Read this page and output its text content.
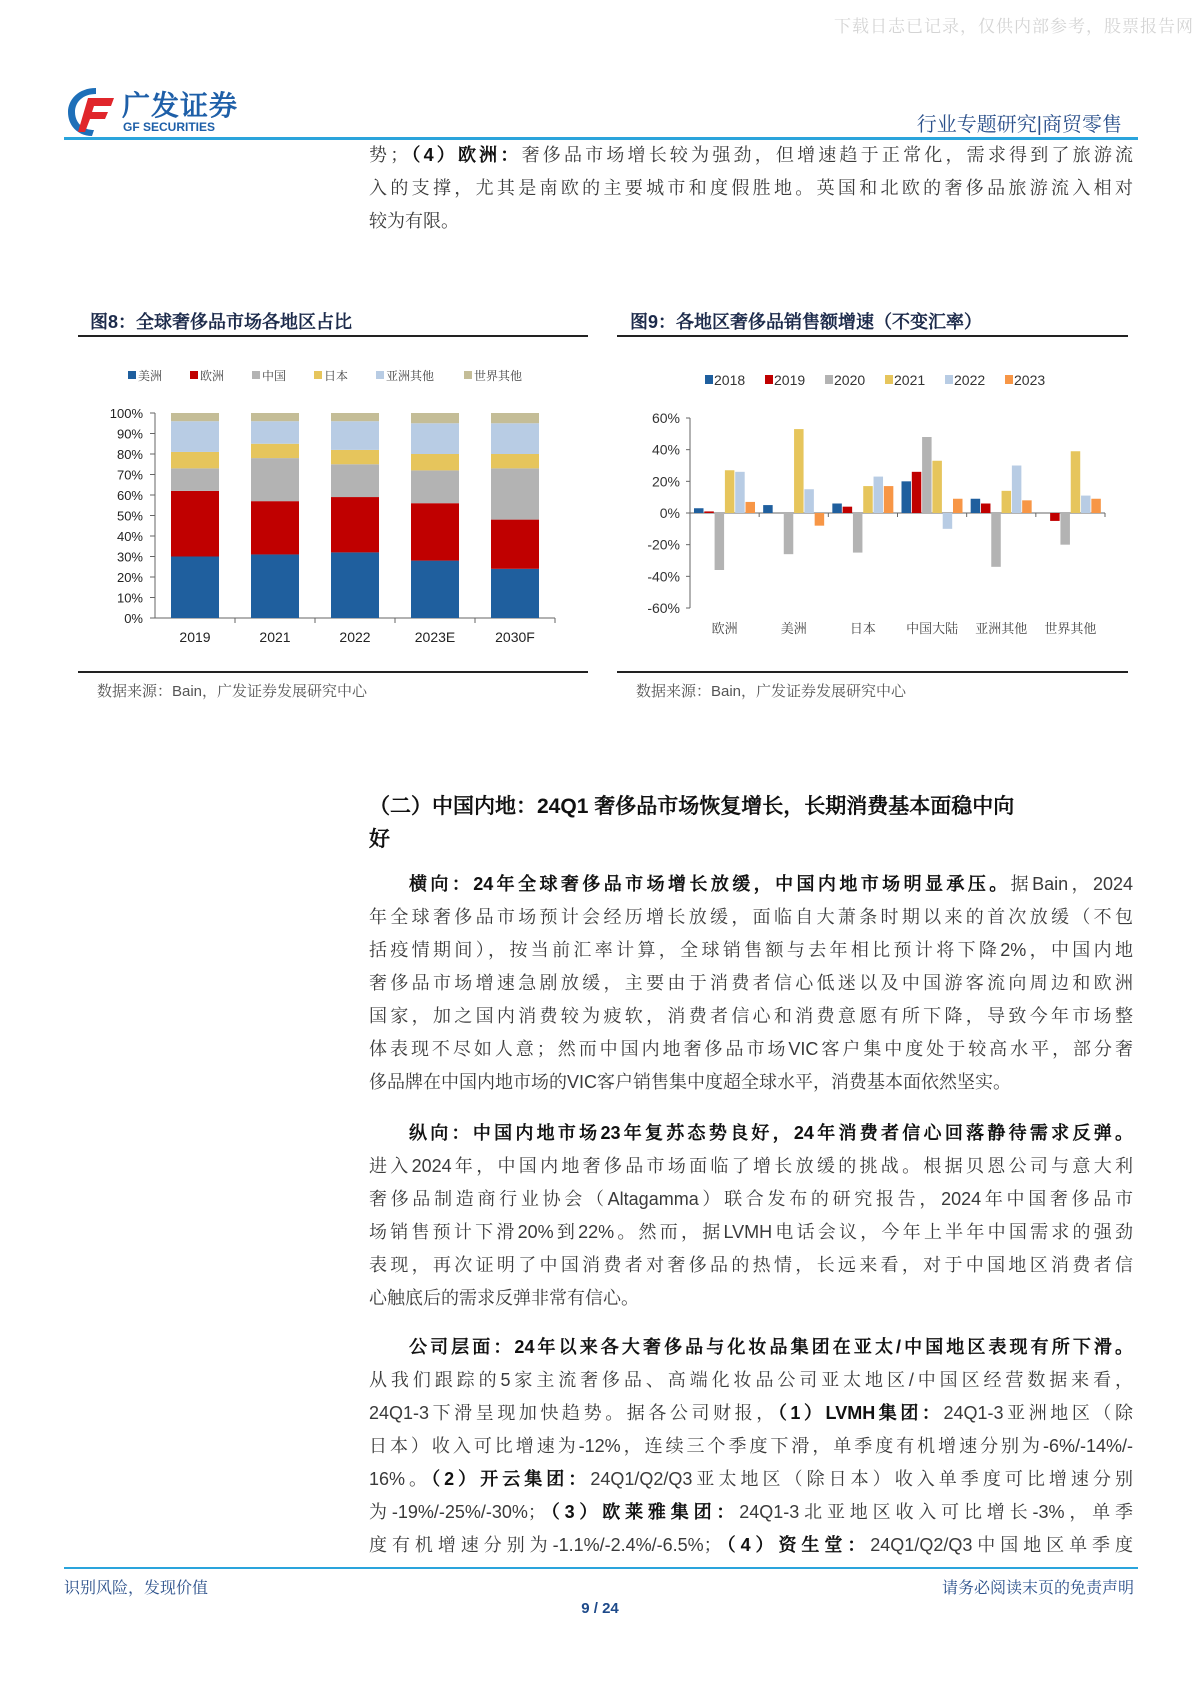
下载日志已记录，仅供内部参考，股票报告网
广发证券
GF SECURITIES	行业专题研究|商贸零售
势；（4）欧洲：奢侈品市场增长较为强劲，但增速趋于正常化，需求得到了旅游流
入的支撑，尤其是南欧的主要城市和度假胜地。英国和北欧的奢侈品旅游流入相对
较为有限。
图8：全球奢侈品市场各地区占比
美洲	欧洲	中国	日本	亚洲其他	世界其他
0%
10%
20%
30%
40%
50%
60%
70%
80%
90%
100%
2019	2021	2022	2023E	2030F
数据来源：Bain，广发证券发展研究中心
图9：各地区奢侈品销售额增速（不变汇率）
2018 2019 2020 2021 2022 2023
-60%
-40%
-20%
0%
20%
40%
60%
欧洲	美洲	日本 中国大陆 亚洲其他 世界其他
数据来源：Bain，广发证券发展研究中心
（二）中国内地：24Q1 奢侈品市场恢复增长，长期消费基本面稳中向
好
横向：24年全球奢侈品市场增长放缓，中国内地市场明显承压。据Bain，2024
年全球奢侈品市场预计会经历增长放缓，面临自大萧条时期以来的首次放缓（不包
括疫情期间），按当前汇率计算，全球销售额与去年相比预计将下降2%，中国内地
奢侈品市场增速急剧放缓，主要由于消费者信心低迷以及中国游客流向周边和欧洲
国家，加之国内消费较为疲软，消费者信心和消费意愿有所下降，导致今年市场整
体表现不尽如人意；然而中国内地奢侈品市场VIC客户集中度处于较高水平，部分奢
侈品牌在中国内地市场的VIC客户销售集中度超全球水平，消费基本面依然坚实。
纵向：中国内地市场23年复苏态势良好，24年消费者信心回落静待需求反弹。
进入2024年，中国内地奢侈品市场面临了增长放缓的挑战。根据贝恩公司与意大利
奢侈品制造商行业协会（Altagamma）联合发布的研究报告，2024年中国奢侈品市
场销售预计下滑20%到22%。然而，据LVMH电话会议，今年上半年中国需求的强劲
表现，再次证明了中国消费者对奢侈品的热情，长远来看，对于中国地区消费者信
心触底后的需求反弹非常有信心。
公司层面：24年以来各大奢侈品与化妆品集团在亚太/中国地区表现有所下滑。
从我们跟踪的5家主流奢侈品、高端化妆品公司亚太地区/中国区经营数据来看，
24Q1-3下滑呈现加快趋势。据各公司财报，（1）LVMH集团：24Q1-3亚洲地区（除
日本）收入可比增速为-12%，连续三个季度下滑，单季度有机增速分别为-6%/-14%/-
16%。（2）开云集团：24Q1/Q2/Q3亚太地区（除日本）收入单季度可比增速分别
为-19%/-25%/-30%；（3）欧莱雅集团：24Q1-3北亚地区收入可比增长-3%，单季
度有机增速分别为-1.1%/-2.4%/-6.5%；（4）资生堂：24Q1/Q2/Q3中国地区单季度
识别风险，发现价值	请务必阅读末页的免责声明
9 / 24
